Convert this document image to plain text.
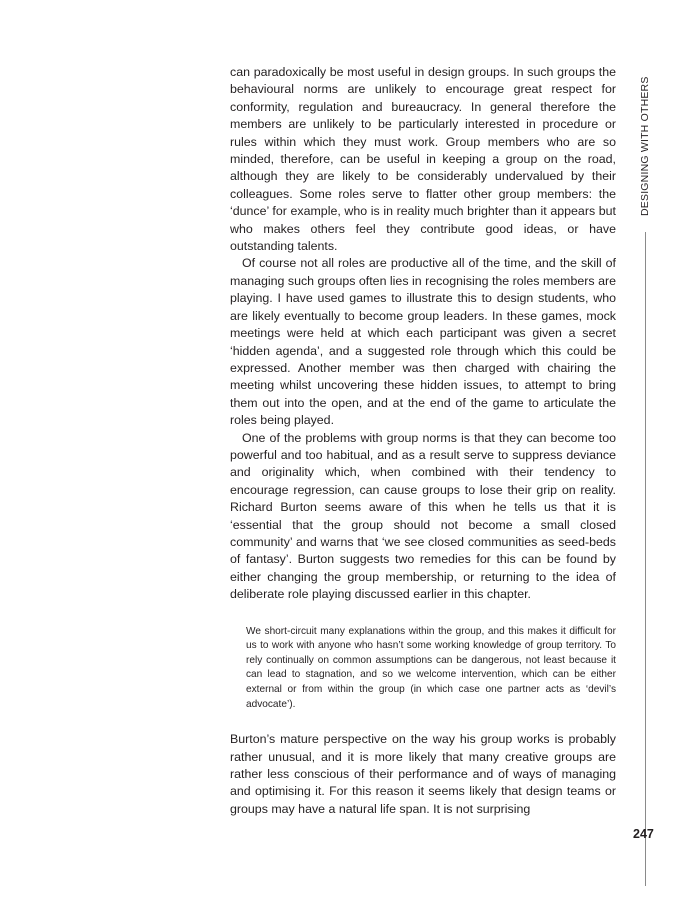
can paradoxically be most useful in design groups. In such groups the behavioural norms are unlikely to encourage great respect for conformity, regulation and bureaucracy. In general therefore the members are unlikely to be particularly interested in procedure or rules within which they must work. Group members who are so minded, therefore, can be useful in keeping a group on the road, although they are likely to be considerably undervalued by their colleagues. Some roles serve to flatter other group members: the ‘dunce’ for example, who is in reality much brighter than it appears but who makes others feel they contribute good ideas, or have outstanding talents.

Of course not all roles are productive all of the time, and the skill of managing such groups often lies in recognising the roles members are playing. I have used games to illustrate this to design students, who are likely eventually to become group leaders. In these games, mock meetings were held at which each participant was given a secret ‘hidden agenda’, and a suggested role through which this could be expressed. Another member was then charged with chairing the meeting whilst uncovering these hidden issues, to attempt to bring them out into the open, and at the end of the game to articulate the roles being played.

One of the problems with group norms is that they can become too powerful and too habitual, and as a result serve to suppress deviance and originality which, when combined with their tendency to encourage regression, can cause groups to lose their grip on reality. Richard Burton seems aware of this when he tells us that it is ‘essential that the group should not become a small closed community’ and warns that ‘we see closed communities as seed-beds of fantasy’. Burton suggests two remedies for this can be found by either changing the group membership, or returning to the idea of deliberate role playing discussed earlier in this chapter.

We short-circuit many explanations within the group, and this makes it difficult for us to work with anyone who hasn’t some working knowledge of group territory. To rely continually on common assumptions can be dangerous, not least because it can lead to stagnation, and so we welcome intervention, which can be either external or from within the group (in which case one partner acts as ‘devil’s advocate’).

Burton’s mature perspective on the way his group works is probably rather unusual, and it is more likely that many creative groups are rather less conscious of their performance and of ways of managing and optimising it. For this reason it seems likely that design teams or groups may have a natural life span. It is not surprising

DESIGNING WITH OTHERS
247
